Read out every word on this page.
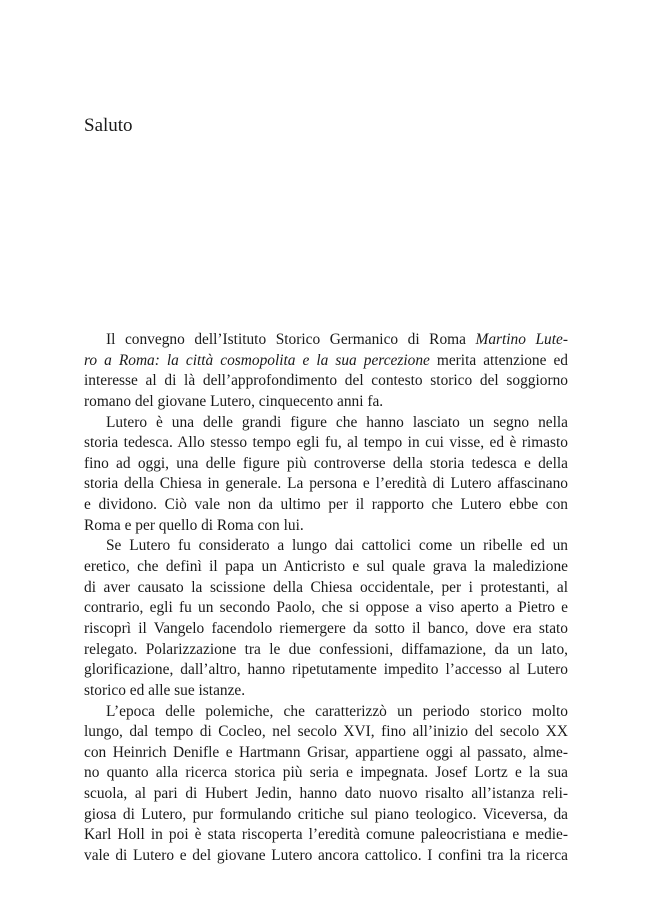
Saluto
Il convegno dell’Istituto Storico Germanico di Roma Martino Lute-
ro a Roma: la città cosmopolita e la sua percezione merita attenzione ed
interesse al di là dell’approfondimento del contesto storico del soggiorno
romano del giovane Lutero, cinquecento anni fa.
Lutero è una delle grandi figure che hanno lasciato un segno nella
storia tedesca. Allo stesso tempo egli fu, al tempo in cui visse, ed è rimasto
fino ad oggi, una delle figure più controverse della storia tedesca e della
storia della Chiesa in generale. La persona e l’eredità di Lutero affascinano
e dividono. Ciò vale non da ultimo per il rapporto che Lutero ebbe con
Roma e per quello di Roma con lui.
Se Lutero fu considerato a lungo dai cattolici come un ribelle ed un
eretico, che definì il papa un Anticristo e sul quale grava la maledizione
di aver causato la scissione della Chiesa occidentale, per i protestanti, al
contrario, egli fu un secondo Paolo, che si oppose a viso aperto a Pietro e
riscoprì il Vangelo facendolo riemergere da sotto il banco, dove era stato
relegato. Polarizzazione tra le due confessioni, diffamazione, da un lato,
glorificazione, dall’altro, hanno ripetutamente impedito l’accesso al Lutero
storico ed alle sue istanze.
L’epoca delle polemiche, che caratterizzò un periodo storico molto
lungo, dal tempo di Cocleo, nel secolo XVI, fino all’inizio del secolo XX
con Heinrich Denifle e Hartmann Grisar, appartiene oggi al passato, alme-
no quanto alla ricerca storica più seria e impegnata. Josef Lortz e la sua
scuola, al pari di Hubert Jedin, hanno dato nuovo risalto all’istanza reli-
giosa di Lutero, pur formulando critiche sul piano teologico. Viceversa, da
Karl Holl in poi è stata riscoperta l’eredità comune paleocristiana e medie-
vale di Lutero e del giovane Lutero ancora cattolico. I confini tra la ricerca
